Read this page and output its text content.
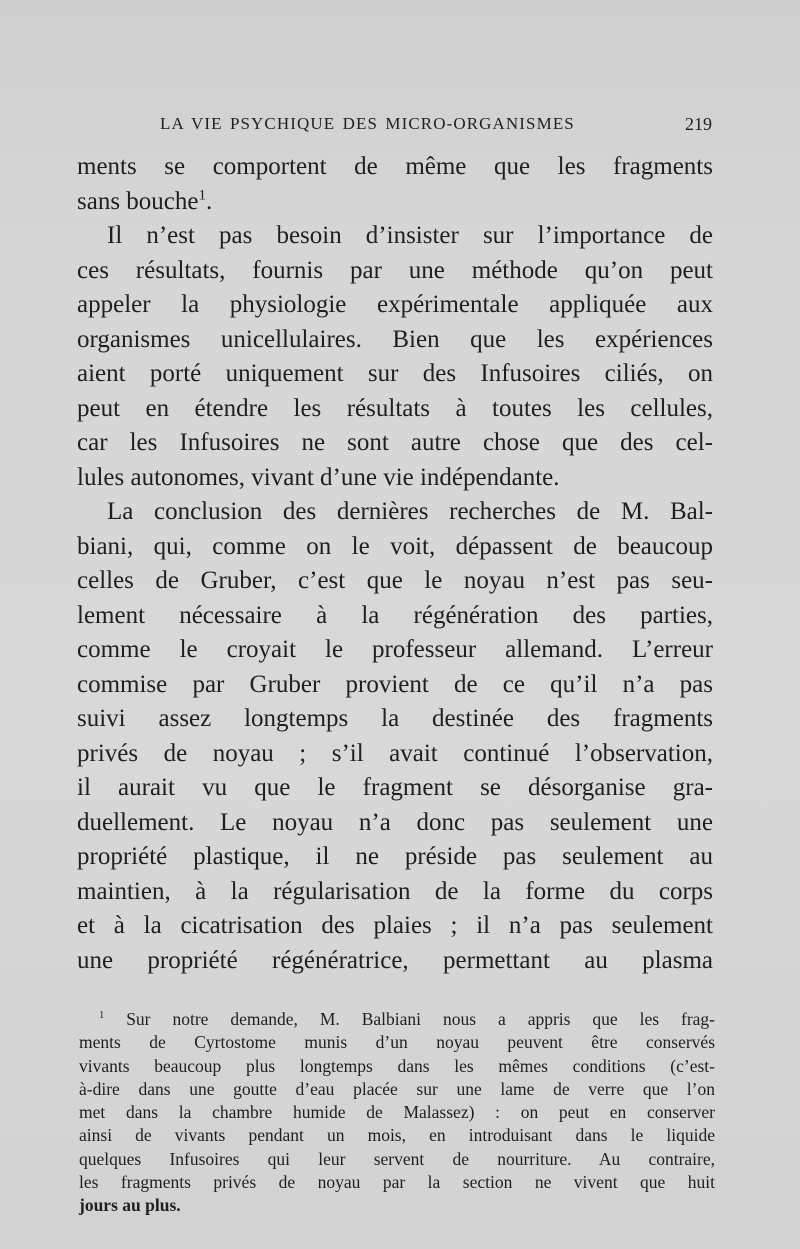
LA VIE PSYCHIQUE DES MICRO-ORGANISMES	219
ments se comportent de même que les fragments
sans bouche$^1$.
Il n’est pas besoin d’insister sur l’importance de
ces résultats, fournis par une méthode qu’on peut
appeler la physiologie expérimentale appliquée aux
organismes unicellulaires. Bien que les expériences
aient porté uniquement sur des Infusoires ciliés, on
peut en étendre les résultats à toutes les cellules,
car les Infusoires ne sont autre chose que des cel-
lules autonomes, vivant d’une vie indépendante.
La conclusion des dernières recherches de M. Bal-
biani, qui, comme on le voit, dépassent de beaucoup
celles de Gruber, c’est que le noyau n’est pas seu-
lement nécessaire à la régénération des parties,
comme le croyait le professeur allemand. L’erreur
commise par Gruber provient de ce qu’il n’a pas
suivi assez longtemps la destinée des fragments
privés de noyau ; s’il avait continué l’observation,
il aurait vu que le fragment se désorganise gra-
duellement. Le noyau n’a donc pas seulement une
propriété plastique, il ne préside pas seulement au
maintien, à la régularisation de la forme du corps
et à la cicatrisation des plaies ; il n’a pas seulement
une propriété régénératrice, permettant au plasma
$^1$ Sur notre demande, M. Balbiani nous a appris que les frag-
ments de Cyrtostome munis d’un noyau peuvent être conservés
vivants beaucoup plus longtemps dans les mêmes conditions (c’est-
à-dire dans une goutte d’eau placée sur une lame de verre que l’on
met dans la chambre humide de Malassez) : on peut en conserver
ainsi de vivants pendant un mois, en introduisant dans le liquide
quelques Infusoires qui leur servent de nourriture. Au contraire,
les fragments privés de noyau par la section ne vivent que huit
jours au plus.
